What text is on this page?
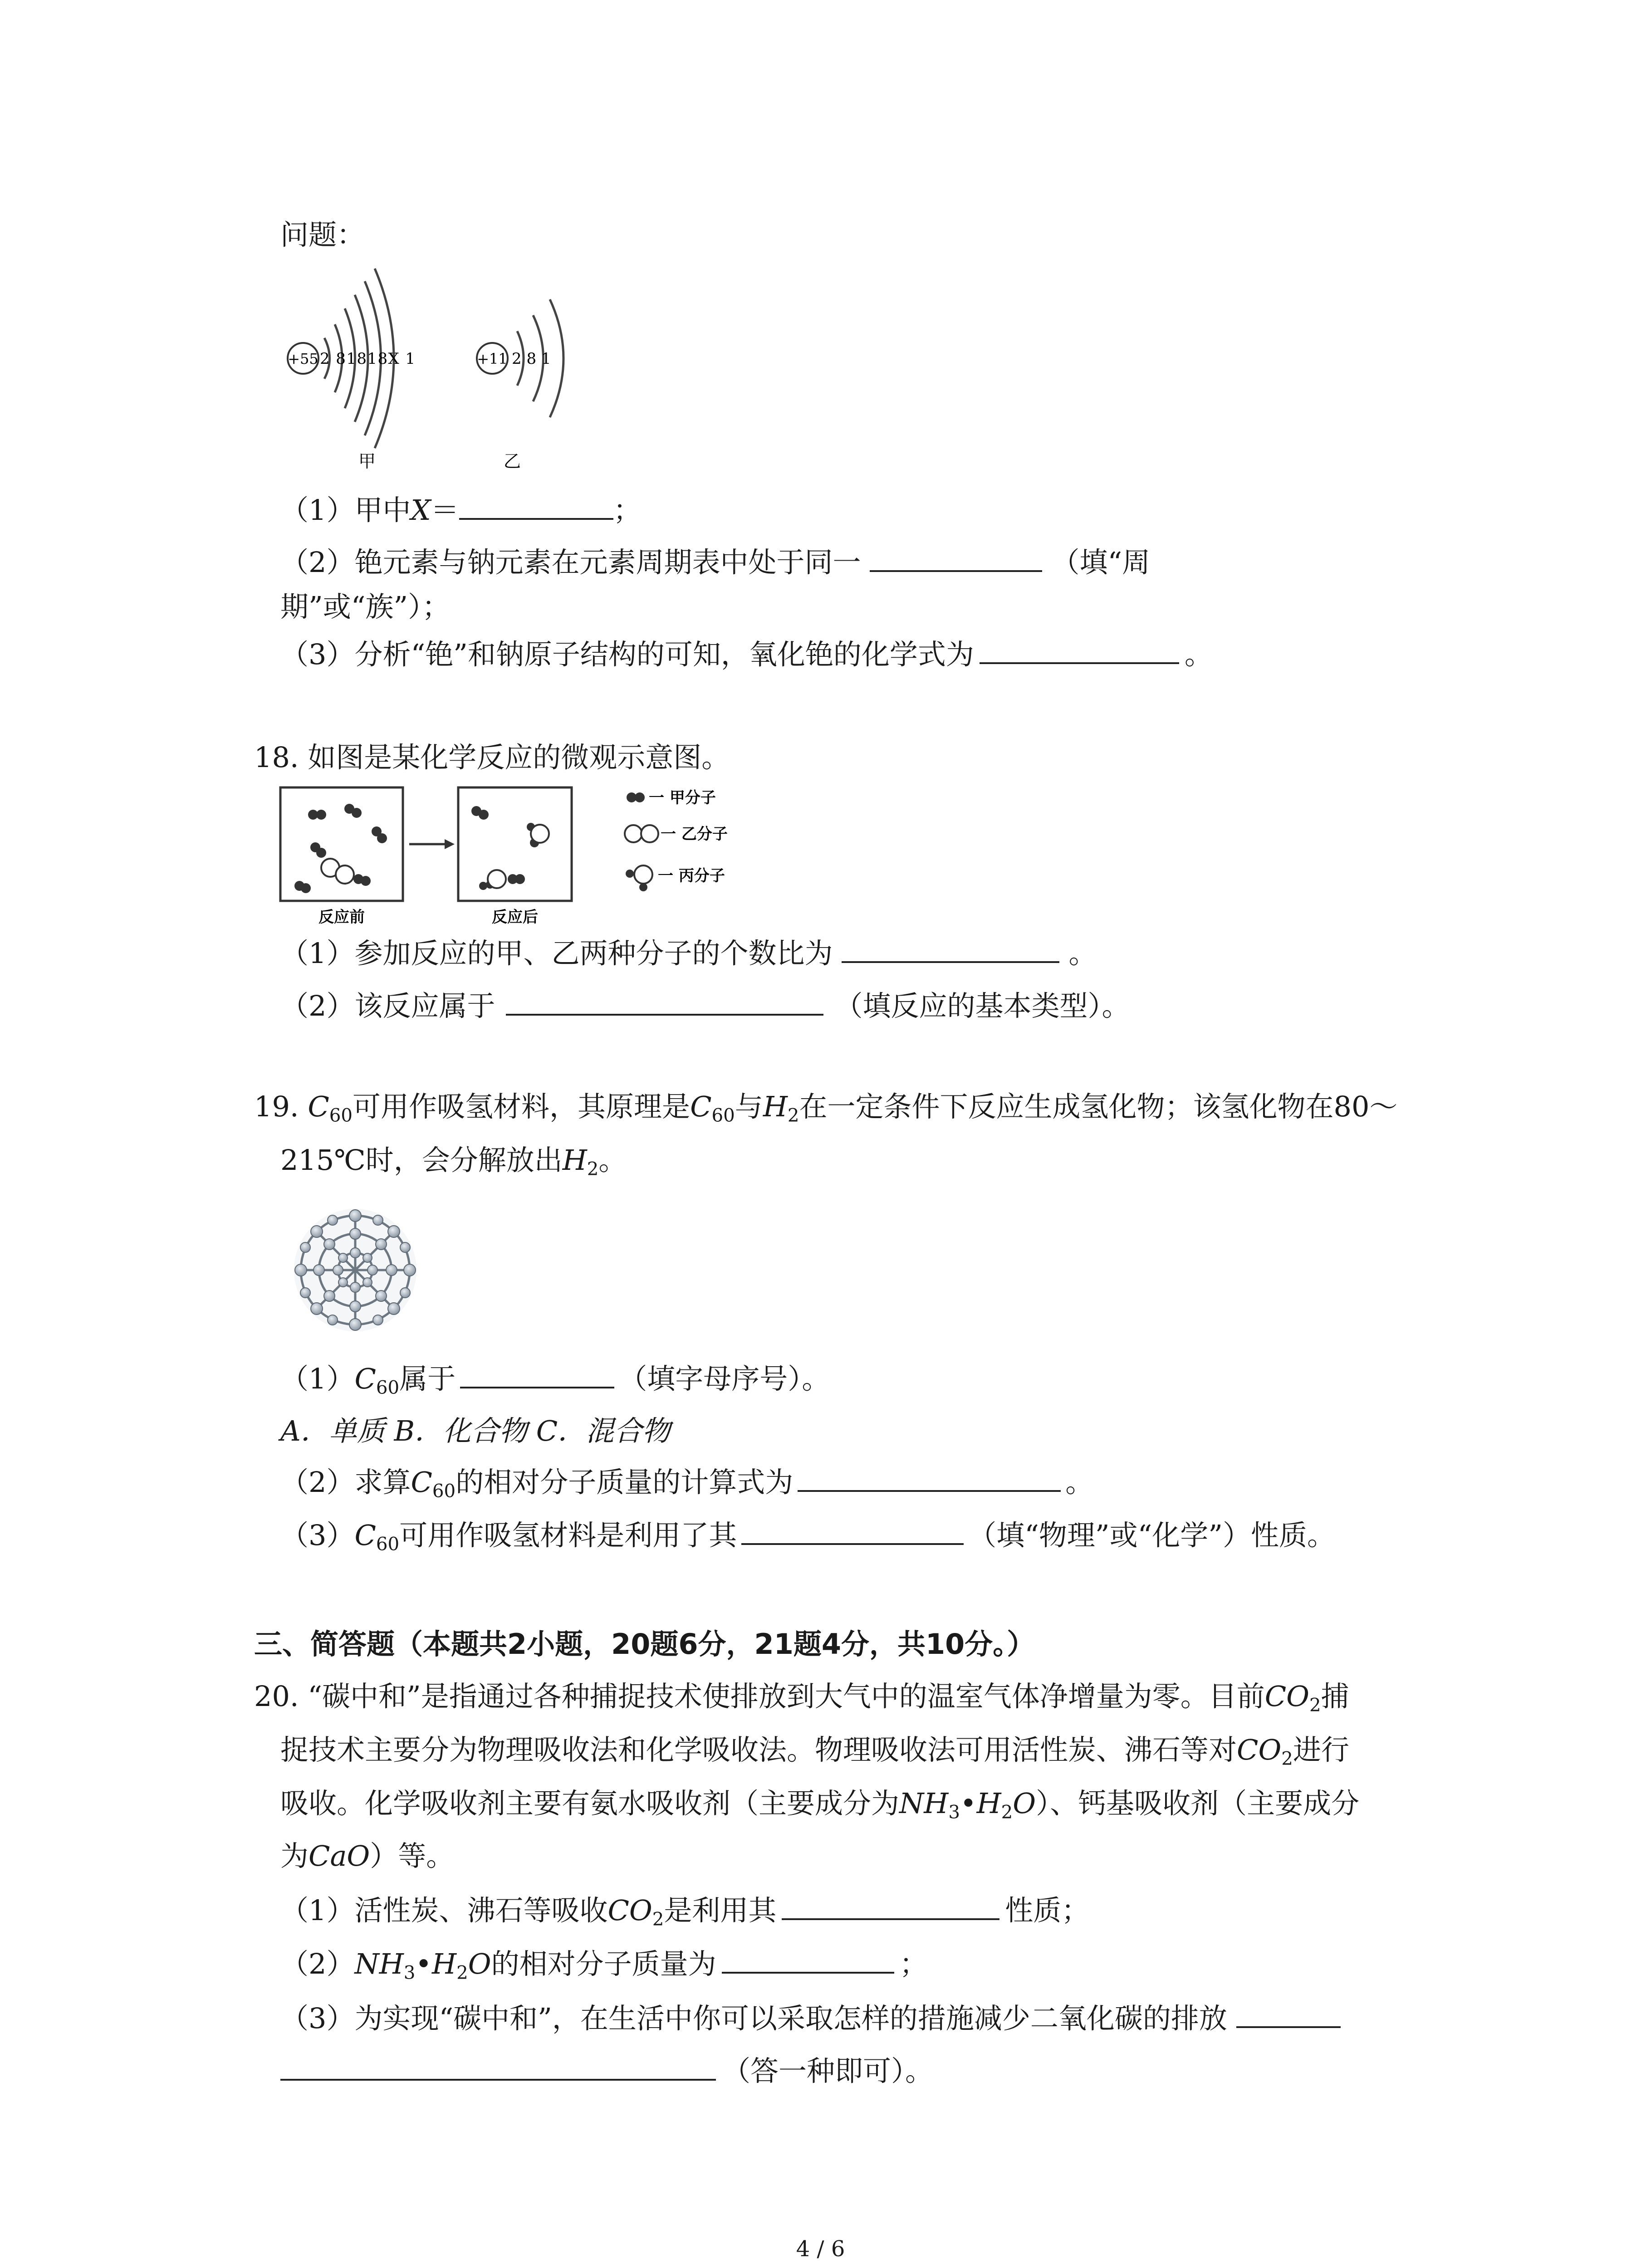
问题：
+55 2 81818X 1
甲
+11 2 8 1
乙
（1）甲中X＝	；
（2）铯元素与钠元素在元素周期表中处于同一	（填“周
期”或“族”）；
（3）分析“铯”和钠原子结构的可知，氧化铯的化学式为	。
18. 如图是某化学反应的微观示意图。
反应前	反应后
一 甲分子
一 乙分子
一 丙分子
（1）参加反应的甲、乙两种分子的个数比为	。
（2）该反应属于	（填反应的基本类型）。
19. $C_{60}$可用作吸氢材料，其原理是$C_{60}$与$H_2$在一定条件下反应生成氢化物；该氢化物在80～
215℃时，会分解放出$H_2$。
$(1)C_{60}$属于	（填字母序号）。
A．单质 B．化合物 C．混合物
（2）求算$C_{60}$的相对分子质量的计算式为	。
$(3)C_{60}$可用作吸氢材料是利用了其	（填“物理”或“化学”）性质。
三、简答题（本题共2小题，20题6分，21题4分，共10分。）
20. “碳中和”是指通过各种捕捉技术使排放到大气中的温室气体净增量为零。目前$CO_2$捕
捉技术主要分为物理吸收法和化学吸收法。物理吸收法可用活性炭、沸石等对$CO_2$进行
吸收。化学吸收剂主要有氨水吸收剂（主要成分为$NH_3•H_2O$）、钙基吸收剂（主要成分
为CaO）等。
（1）活性炭、沸石等吸收$CO_2$是利用其	性质；
$(2)NH_3•H_2O$的相对分子质量为	；
（3）为实现“碳中和”，在生活中你可以采取怎样的措施减少二氧化碳的排放
（答一种即可）。
4 / 6
